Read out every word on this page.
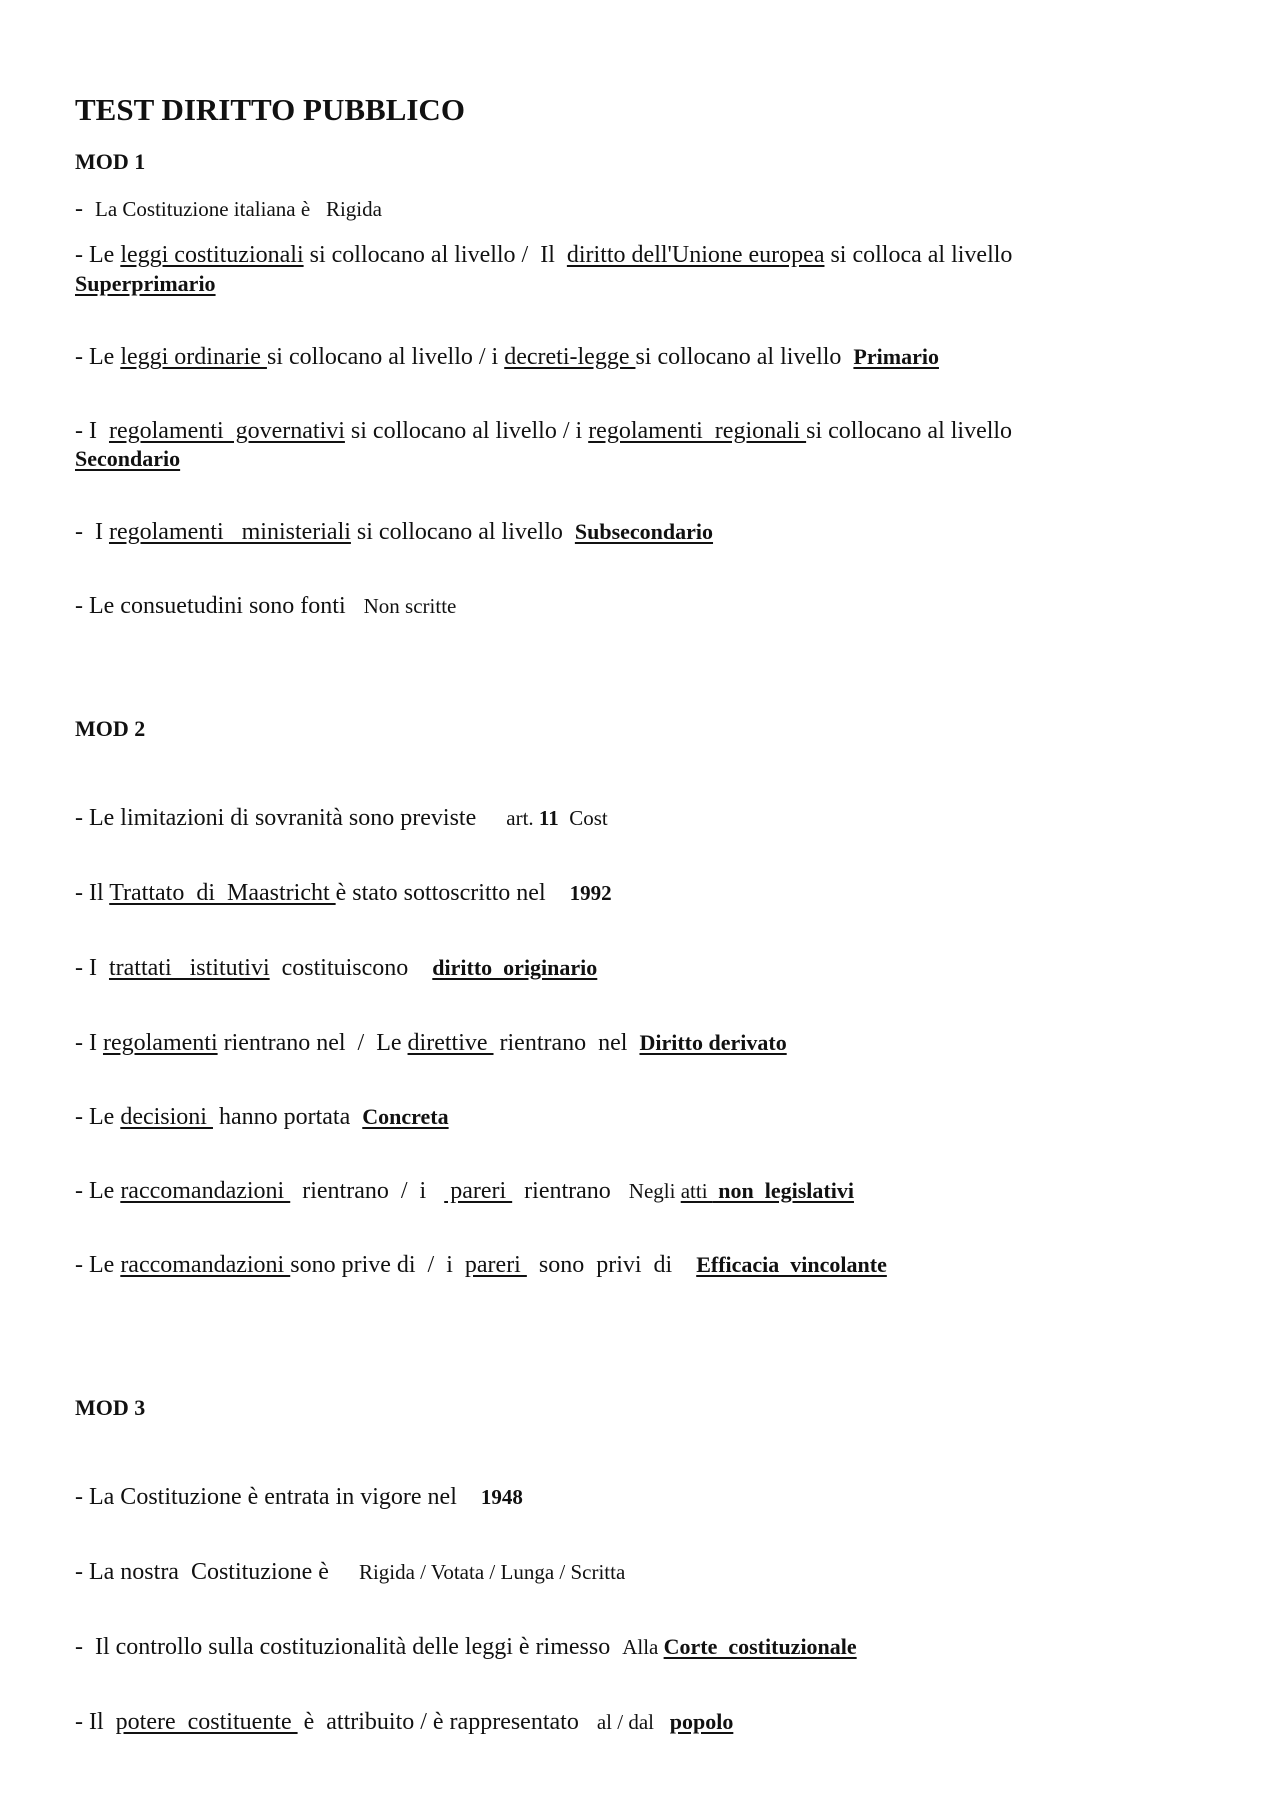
TEST DIRITTO PUBBLICO
MOD 1

-  La Costituzione italiana è   Rigida

- Le leggi costituzionali si collocano al livello /  Il  diritto dell'Unione europea si colloca al livello

Superprimario

- Le leggi ordinarie si collocano al livello / i decreti-legge si collocano al livello  Primario

- I  regolamenti  governativi si collocano al livello / i regolamenti  regionali si collocano al livello

Secondario

-  I regolamenti   ministeriali si collocano al livello  Subsecondario

- Le consuetudini sono fonti   Non scritte

MOD 2

- Le limitazioni di sovranità sono previste     art. 11  Cost

- Il Trattato  di  Maastricht è stato sottoscritto nel    1992

- I  trattati   istitutivi  costituiscono    diritto  originario

- I regolamenti rientrano nel  /  Le direttive  rientrano  nel  Diritto derivato

- Le decisioni  hanno portata  Concreta

- Le raccomandazioni   rientrano  /  i    pareri   rientrano   Negli atti  non  legislativi

- Le raccomandazioni sono prive di  /  i  pareri   sono  privi  di    Efficacia  vincolante

MOD 3

- La Costituzione è entrata in vigore nel    1948

- La nostra  Costituzione è     Rigida / Votata / Lunga / Scritta

-  Il controllo sulla costituzionalità delle leggi è rimesso  Alla Corte  costituzionale

- Il  potere  costituente  è  attribuito / è rappresentato   al / dal   popolo
